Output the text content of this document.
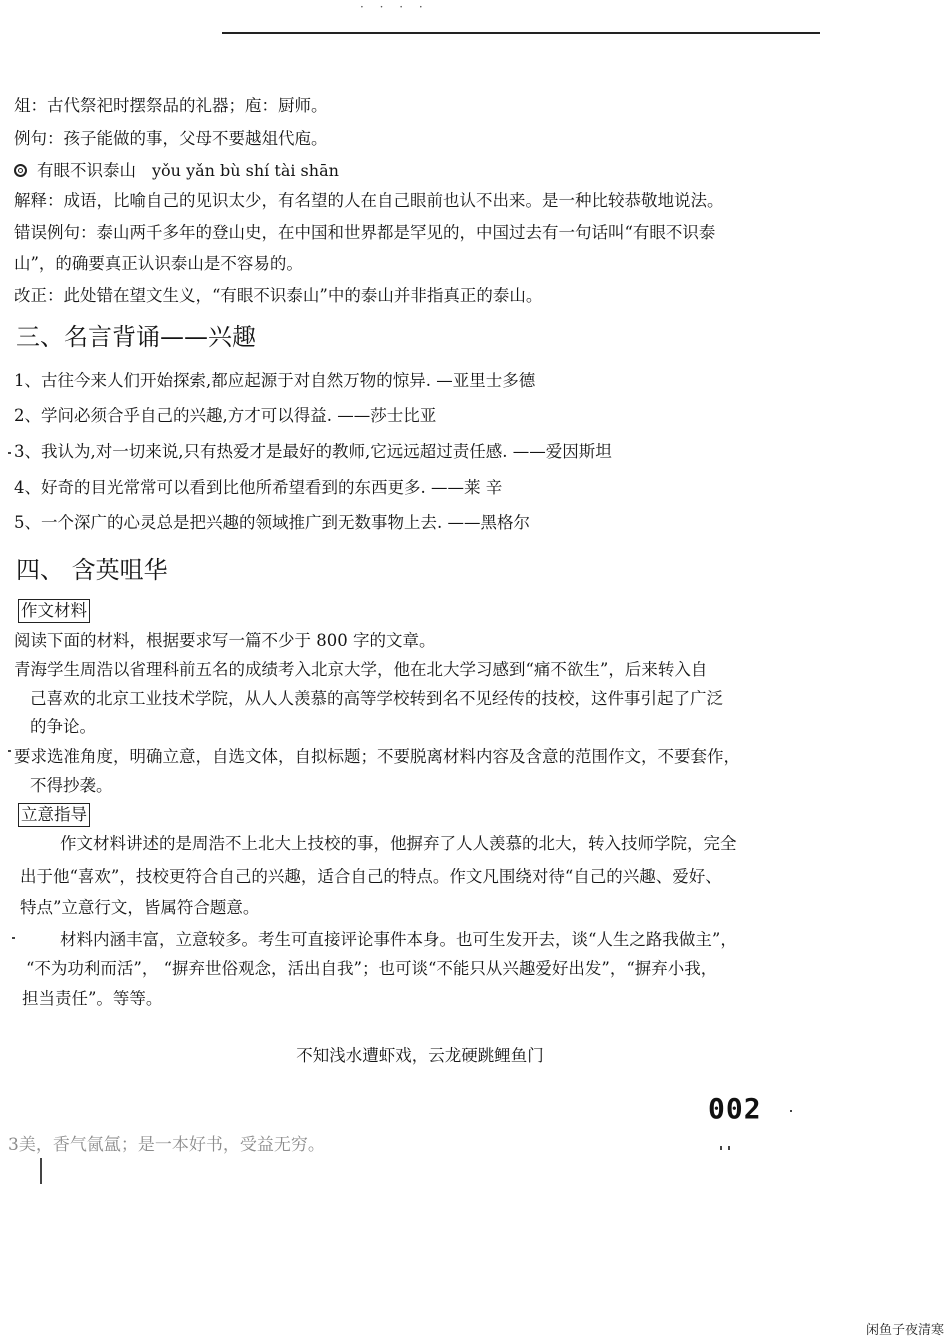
· · · ·
俎：古代祭祀时摆祭品的礼器；庖：厨师。
例句：孩子能做的事，父母不要越俎代庖。
有眼不识泰山 yǒu yǎn bù shí tài shān
解释：成语，比喻自己的见识太少，有名望的人在自己眼前也认不出来。是一种比较恭敬地说法。
错误例句：泰山两千多年的登山史，在中国和世界都是罕见的，中国过去有一句话叫“有眼不识泰
山”，的确要真正认识泰山是不容易的。
改正：此处错在望文生义，“有眼不识泰山”中的泰山并非指真正的泰山。
三、名言背诵——兴趣
1、古往今来人们开始探索,都应起源于对自然万物的惊异. —亚里士多德
2、学问必须合乎自己的兴趣,方才可以得益. ——莎士比亚
3、我认为,对一切来说,只有热爱才是最好的教师,它远远超过责任感. ——爱因斯坦
4、好奇的目光常常可以看到比他所希望看到的东西更多. ——莱 辛
5、一个深广的心灵总是把兴趣的领域推广到无数事物上去. ——黑格尔
四、 含英咀华
作文材料
阅读下面的材料，根据要求写一篇不少于 800 字的文章。
青海学生周浩以省理科前五名的成绩考入北京大学，他在北大学习感到“痛不欲生”，后来转入自
己喜欢的北京工业技术学院，从人人羡慕的高等学校转到名不见经传的技校，这件事引起了广泛
的争论。
要求选准角度，明确立意，自选文体，自拟标题；不要脱离材料内容及含意的范围作文，不要套作，
不得抄袭。
立意指导
作文材料讲述的是周浩不上北大上技校的事，他摒弃了人人羡慕的北大，转入技师学院，完全
出于他“喜欢”，技校更符合自己的兴趣，适合自己的特点。作文凡围绕对待“自己的兴趣、爱好、
特点”立意行文，皆属符合题意。
材料内涵丰富，立意较多。考生可直接评论事件本身。也可生发开去，谈“人生之路我做主”，
“不为功利而活”， “摒弃世俗观念，活出自我”；也可谈“不能只从兴趣爱好出发”，“摒弃小我，
担当责任”。等等。
不知浅水遭虾戏，云龙硬跳鲤鱼门
002
3美，香气氤氲；是一本好书，受益无穷。
闲鱼子夜清寒
